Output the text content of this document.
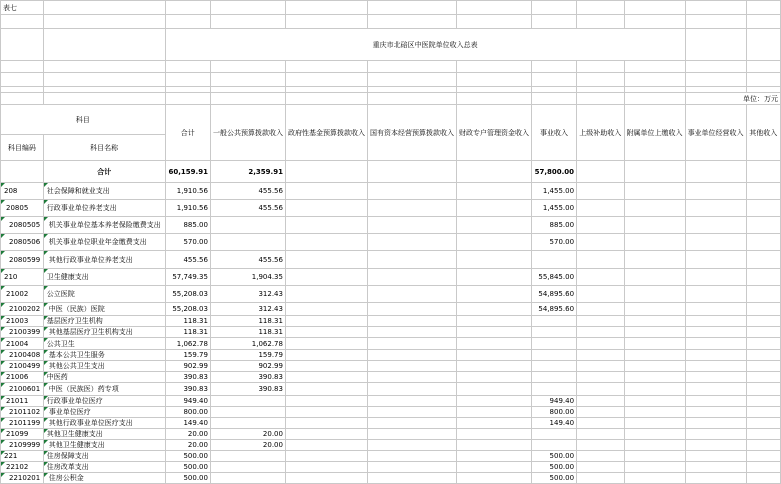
表七											

		重庆市北碚区中医院单位收入总表									

										单位：万元	
科目		合计	一般公共预算拨款收入	政府性基金预算拨款收入	国有资本经营预算拨款收入	财政专户管理资金收入	事业收入	上级补助收入	附属单位上缴收入	事业单位经营收入	其他收入
科目编码	科目名称										
	合计	60,159.91	2,359.91				57,800.00				
208	社会保障和就业支出	1,910.56	455.56				1,455.00				
20805	行政事业单位养老支出	1,910.56	455.56				1,455.00				
2080505	机关事业单位基本养老保险缴费支出	885.00					885.00				
2080506	机关事业单位职业年金缴费支出	570.00					570.00				
2080599	其他行政事业单位养老支出	455.56	455.56								
210	卫生健康支出	57,749.35	1,904.35				55,845.00				
21002	公立医院	55,208.03	312.43				54,895.60				
2100202	中医（民族）医院	55,208.03	312.43				54,895.60				
21003	基层医疗卫生机构	118.31	118.31								
2100399	其他基层医疗卫生机构支出	118.31	118.31								
21004	公共卫生	1,062.78	1,062.78								
2100408	基本公共卫生服务	159.79	159.79								
2100499	其他公共卫生支出	902.99	902.99								
21006	中医药	390.83	390.83								
2100601	中医（民族医）药专项	390.83	390.83								
21011	行政事业单位医疗	949.40					949.40				
2101102	事业单位医疗	800.00					800.00				
2101199	其他行政事业单位医疗支出	149.40					149.40				
21099	其他卫生健康支出	20.00	20.00								
2109999	其他卫生健康支出	20.00	20.00								
221	住房保障支出	500.00					500.00				
22102	住房改革支出	500.00					500.00				
2210201	住房公积金	500.00					500.00				
